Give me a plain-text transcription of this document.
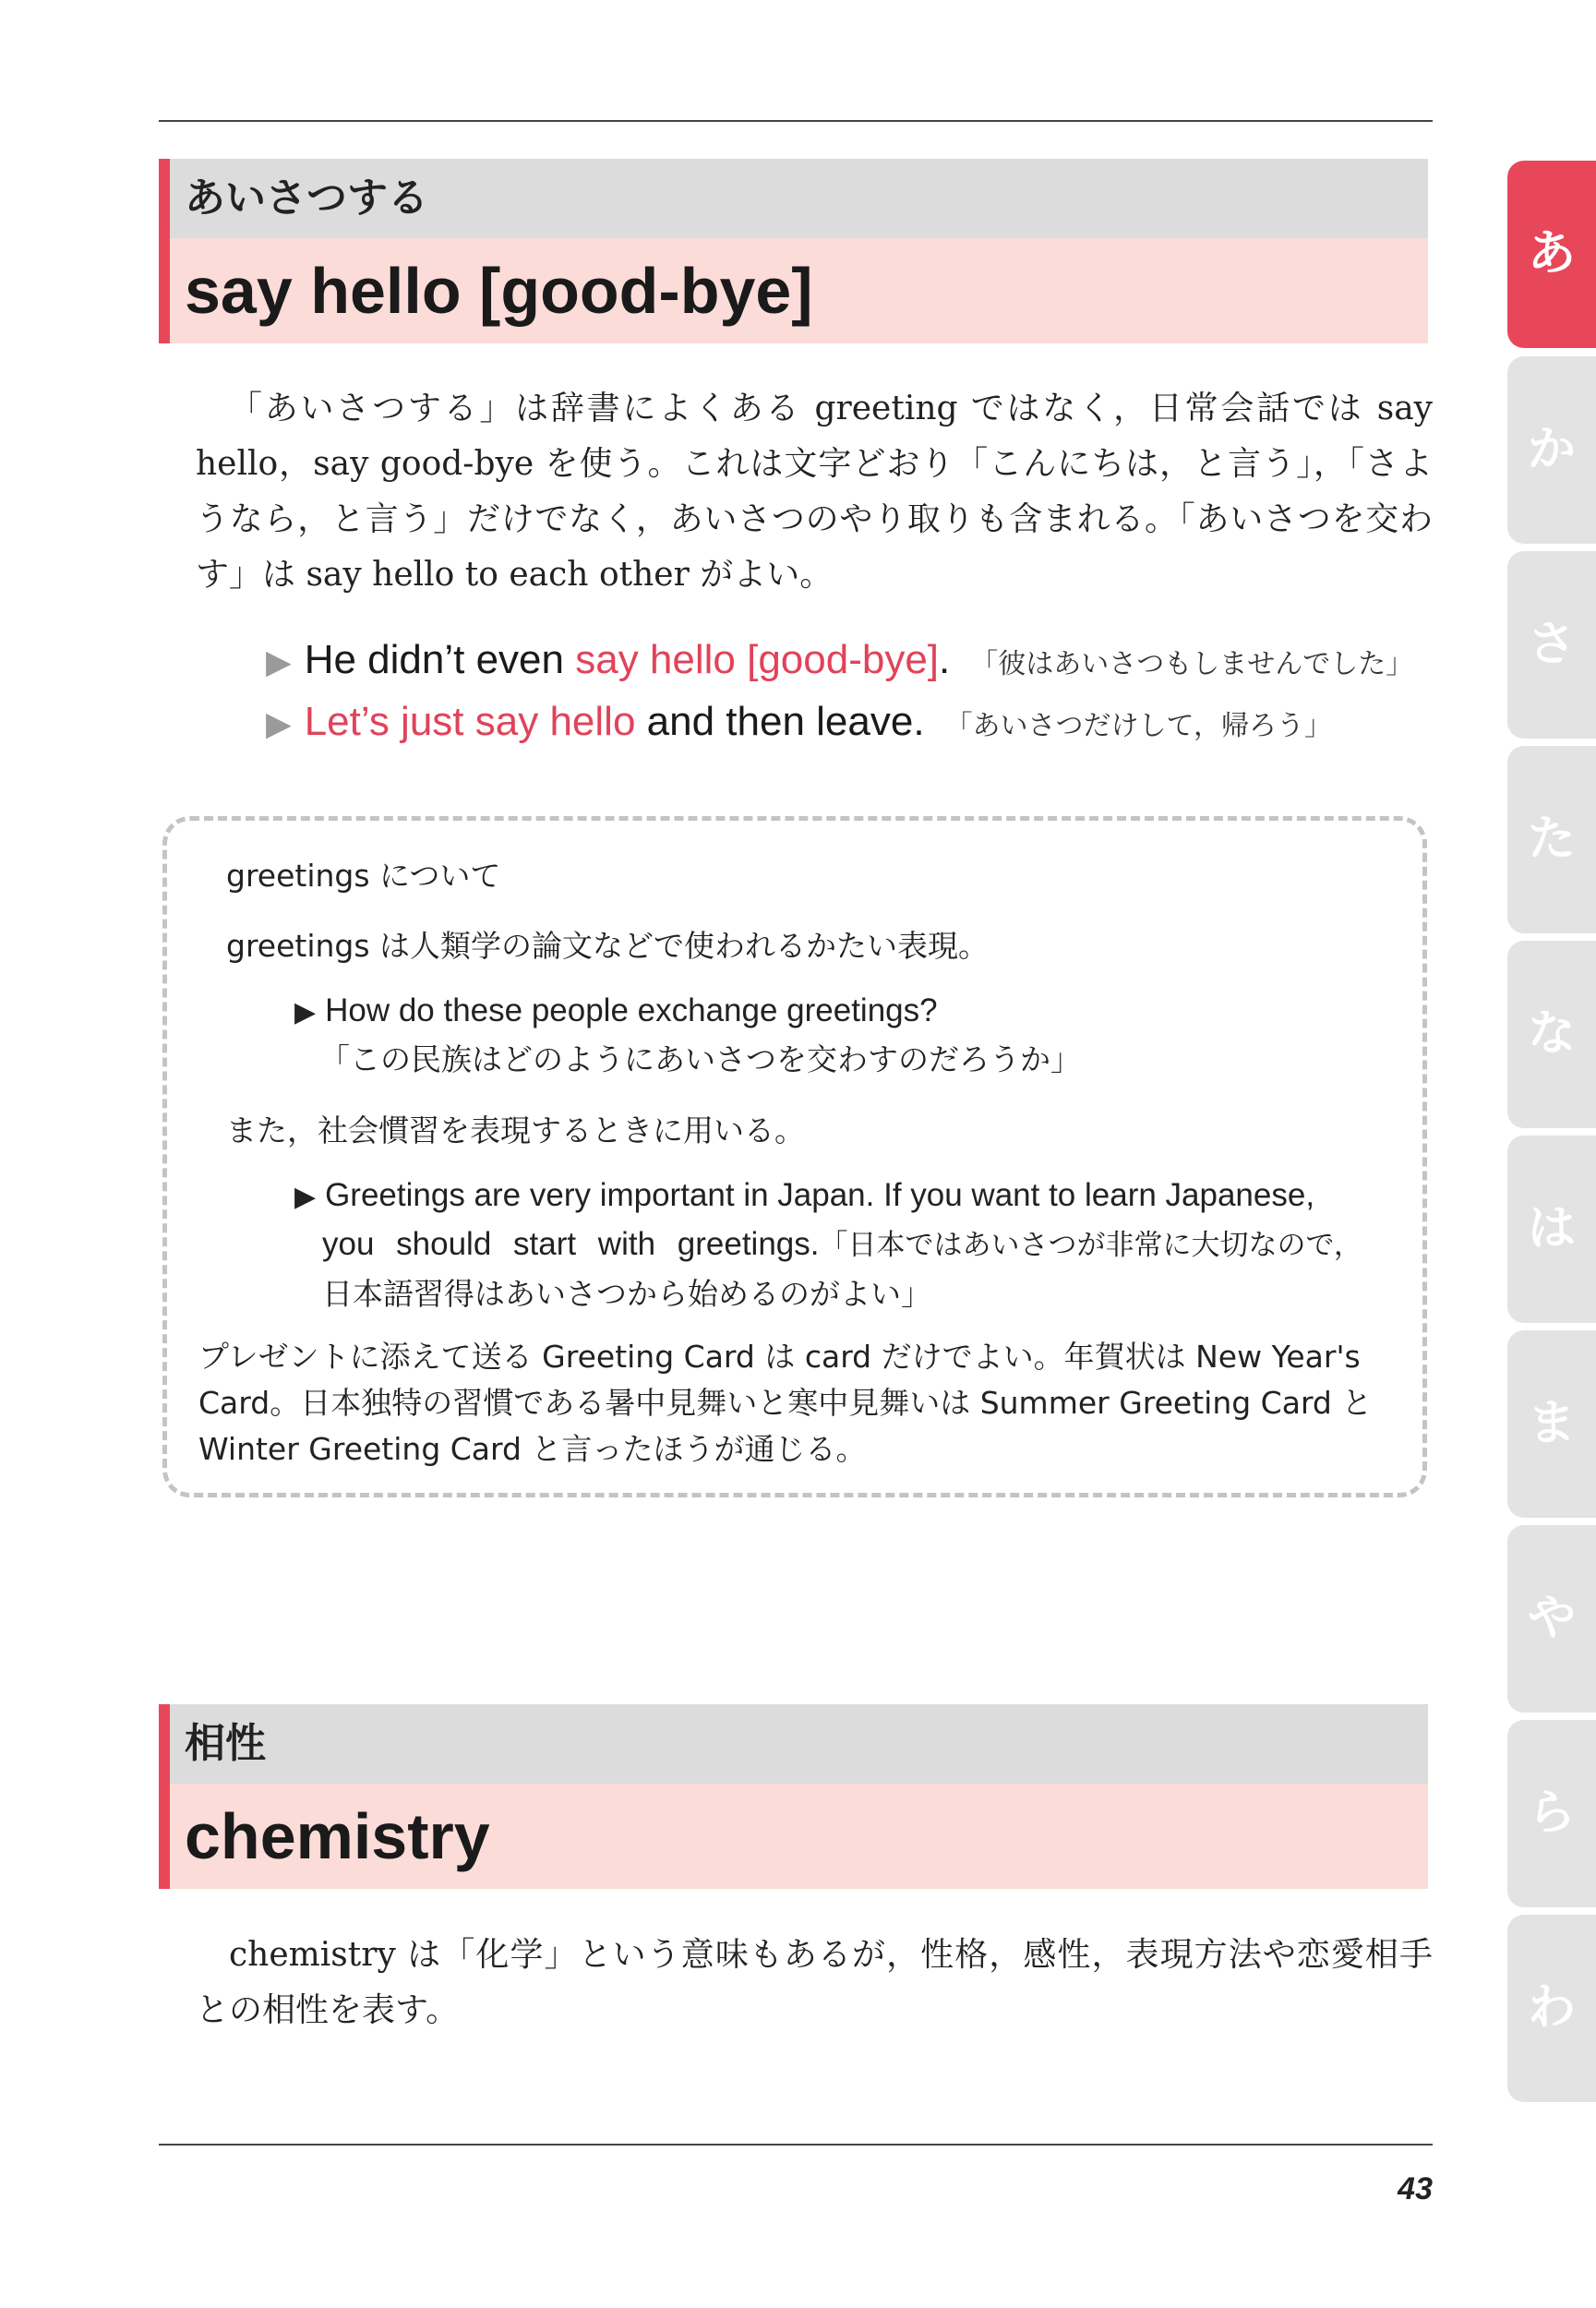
あいさつする
say hello [good-bye]

「あいさつする」は辞書によくある greeting ではなく，日常会話では say hello，say good-bye を使う。これは文字どおり「こんにちは，と言う」，「さようなら，と言う」だけでなく，あいさつのやり取りも含まれる。「あいさつを交わす」は say hello to each other がよい。

▶ He didn’t even say hello [good-bye]. 「彼はあいさつもしませんでした」
▶ Let’s just say hello and then leave. 「あいさつだけして，帰ろう」
greetings について
greetings は人類学の論文などで使われるかたい表現。
▶ How do these people exchange greetings?
「この民族はどのようにあいさつを交わすのだろうか」
また，社会慣習を表現するときに用いる。
▶ Greetings are very important in Japan. If you want to learn Japanese,
you should start with greetings.「日本ではあいさつが非常に大切なので，
日本語習得はあいさつから始めるのがよい」
プレゼントに添えて送る Greeting Card は card だけでよい。年賀状は New Year's Card。日本独特の習慣である暑中見舞いと寒中見舞いは Summer Greeting Card と Winter Greeting Card と言ったほうが通じる。
相性
chemistry

chemistry は「化学」という意味もあるが，性格，感性，表現方法や恋愛相手との相性を表す。

43
あ
か
さ
た
な
は
ま
や
ら
わ
